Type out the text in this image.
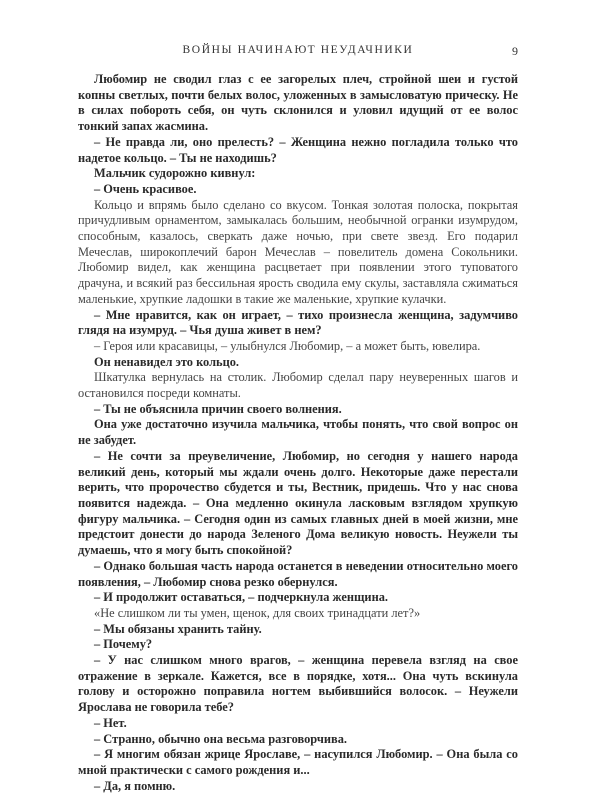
ВОЙНЫ НАЧИНАЮТ НЕУДАЧНИКИ	9

Любомир не сводил глаз с ее загорелых плеч, стройной шеи и густой копны светлых, почти белых волос, уложенных в замысловатую прическу. Не в силах побороть себя, он чуть склонился и уловил идущий от ее волос тонкий запах жасмина.

– Не правда ли, оно прелесть? – Женщина нежно погладила только что надетое кольцо. – Ты не находишь?

Мальчик судорожно кивнул:

– Очень красивое.

Кольцо и впрямь было сделано со вкусом. Тонкая золотая полоска, покрытая причудливым орнаментом, замыкалась большим, необычной огранки изумрудом, способным, казалось, сверкать даже ночью, при свете звезд. Его подарил Мечеслав, широкоплечий барон Мечеслав – повелитель домена Сокольники. Любомир видел, как женщина расцветает при появлении этого туповатого драчуна, и всякий раз бессильная ярость сводила ему скулы, заставляла сжиматься маленькие, хрупкие ладошки в такие же маленькие, хрупкие кулачки.

– Мне нравится, как он играет, – тихо произнесла женщина, задумчиво глядя на изумруд. – Чья душа живет в нем?

– Героя или красавицы, – улыбнулся Любомир, – а может быть, ювелира.

Он ненавидел это кольцо.

Шкатулка вернулась на столик. Любомир сделал пару неуверенных шагов и остановился посреди комнаты.

– Ты не объяснила причин своего волнения.

Она уже достаточно изучила мальчика, чтобы понять, что свой вопрос он не забудет.

– Не сочти за преувеличение, Любомир, но сегодня у нашего народа великий день, который мы ждали очень долго. Некоторые даже перестали верить, что пророчество сбудется и ты, Вестник, придешь. Что у нас снова появится надежда. – Она медленно окинула ласковым взглядом хрупкую фигуру мальчика. – Сегодня один из самых главных дней в моей жизни, мне предстоит донести до народа Зеленого Дома великую новость. Неужели ты думаешь, что я могу быть спокойной?

– Однако большая часть народа останется в неведении относительно моего появления, – Любомир снова резко обернулся.

– И продолжит оставаться, – подчеркнула женщина.

«Не слишком ли ты умен, щенок, для своих тринадцати лет?»

– Мы обязаны хранить тайну.

– Почему?

– У нас слишком много врагов, – женщина перевела взгляд на свое отражение в зеркале. Кажется, все в порядке, хотя... Она чуть вскинула голову и осторожно поправила ногтем выбившийся волосок. – Неужели Ярослава не говорила тебе?

– Нет.

– Странно, обычно она весьма разговорчива.

– Я многим обязан жрице Ярославе, – насупился Любомир. – Она была со мной практически с самого рождения и...

– Да, я помню.
